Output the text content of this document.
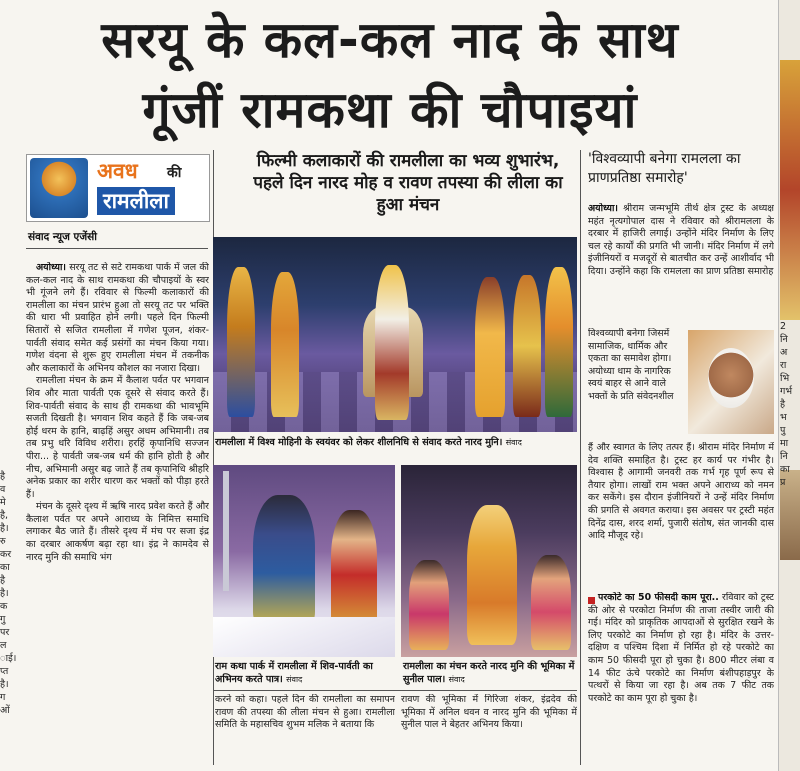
सरयू के कल-कल नाद के साथ
गूंजीं रामकथा की चौपाइयां
अवध की
रामलीला
संवाद न्यूज एजेंसी
है
व
मे
है,
है।
रु
कर
का
है
है।
क
गु
पर
ल
ाई।
प्त
है।
ग
ओं

अयोध्या। सरयू तट से सटे रामकथा पार्क में जल की कल-कल नाद के साथ रामकथा की चौपाइयों के स्वर भी गूंजने लगे हैं। रविवार से फिल्मी कलाकारों की रामलीला का मंचन प्रारंभ हुआ तो सरयू तट पर भक्ति की धारा भी प्रवाहित होने लगी। पहले दिन फिल्मी सितारों से सजित रामलीला में गणेश पूजन, शंकर-पार्वती संवाद समेत कई प्रसंगों का मंचन किया गया। गणेश वंदना से शुरू हुए रामलीला मंचन में तकनीक और कलाकारों के अभिनय कौशल का नजारा दिखा।

रामलीला मंचन के क्रम में कैलाश पर्वत पर भगवान शिव और माता पार्वती एक दूसरे से संवाद करते हैं। शिव-पार्वती संवाद के साथ ही रामकथा की भावभूमि सजती दिखती है। भगवान शिव कहते हैं कि जब-जब होई धरम के हानि, बाढ़हिं असुर अधम अभिमानी। तब तब प्रभु धरि विविध शरीरा। हरहिं कृपानिधि सज्जन पीरा... हे पार्वती जब-जब धर्म की हानि होती है और नीच, अभिमानी असुर बढ़ जाते हैं तब कृपानिधि श्रीहरि अनेक प्रकार का शरीर धारण कर भक्तों को पीड़ा हरते हैं।

मंचन के दूसरे दृश्य में ऋषि नारद प्रवेश करते हैं और कैलाश पर्वत पर अपने आराध्य के निमित्त समाधि लगाकर बैठ जाते हैं। तीसरे दृश्य में मंच पर सजा इंद्र का दरबार आकर्षण बढ़ा रहा था। इंद्र ने कामदेव से नारद मुनि की समाधि भंग

फिल्मी कलाकारों की रामलीला का भव्य शुभारंभ, पहले दिन नारद मोह व रावण तपस्या की लीला का हुआ मंचन
रामलीला में विश्व मोहिनी के स्वयंवर को लेकर शीलनिधि से संवाद करते नारद मुनि। संवाद
राम कथा पार्क में रामलीला में शिव-पार्वती का अभिनय करते पात्र। संवाद
रामलीला का मंचन करते नारद मुनि की भूमिका में सुनील पाल। संवाद
करने को कहा। पहले दिन की रामलीला का समापन रावण की तपस्या की लीला मंचन से हुआ। रामलीला समिति के महासचिव शुभम मलिक ने बताया कि
रावण की भूमिका में गिरिजा शंकर, इंद्रदेव की भूमिका में अनिल धवन व नारद मुनि की भूमिका में सुनील पाल ने बेहतर अभिनय किया।
'विश्वव्यापी बनेगा रामलला का प्राणप्रतिष्ठा समारोह'

अयोध्या। श्रीराम जन्मभूमि तीर्थ क्षेत्र ट्रस्ट के अध्यक्ष महंत नृत्यगोपाल दास ने रविवार को श्रीरामलला के दरबार में हाजिरी लगाई। उन्होंने मंदिर निर्माण के लिए चल रहे कार्यों की प्रगति भी जानी। मंदिर निर्माण में लगे इंजीनियरों व मजदूरों से बातचीत कर उन्हें आशीर्वाद भी दिया। उन्होंने कहा कि रामलला का प्राण प्रतिष्ठा समारोह

विश्वव्यापी बनेगा जिसमें सामाजिक, धार्मिक और एकता का समावेश होगा। अयोध्या धाम के नागरिक स्वयं बाहर से आने वाले भक्तों के प्रति संवेदनशील
हैं और स्वागत के लिए तत्पर हैं। श्रीराम मंदिर निर्माण में देव शक्ति समाहित है। ट्रस्ट हर कार्य पर गंभीर है। विश्वास है आगामी जनवरी तक गर्भ गृह पूर्ण रूप से तैयार होगा। लाखों राम भक्त अपने आराध्य को नमन कर सकेंगे। इस दौरान इंजीनियरों ने उन्हें मंदिर निर्माण की प्रगति से अवगत कराया। इस अवसर पर ट्रस्टी महंत दिनेंद्र दास, शरद शर्मा, पुजारी संतोष, संत जानकी दास आदि मौजूद रहे।

परकोटे का 50 फीसदी काम पूरा.. रविवार को ट्रस्ट की ओर से परकोटा निर्माण की ताजा तस्वीर जारी की गई। मंदिर को प्राकृतिक आपदाओं से सुरक्षित रखने के लिए परकोटे का निर्माण हो रहा है। मंदिर के उत्तर-दक्षिण व पश्चिम दिशा में निर्मित हो रहे परकोटे का काम 50 फीसदी पूरा हो चुका है। 800 मीटर लंबा व 14 फीट ऊंचे परकोटे का निर्माण बंशीपहाड़पुर के पत्थरों से किया जा रहा है। अब तक 7 फीट तक परकोटे का काम पूरा हो चुका है।

2
नि
अ
रा
भि
गर्भ
है
भ
पु
मा
नि
का
प्र
